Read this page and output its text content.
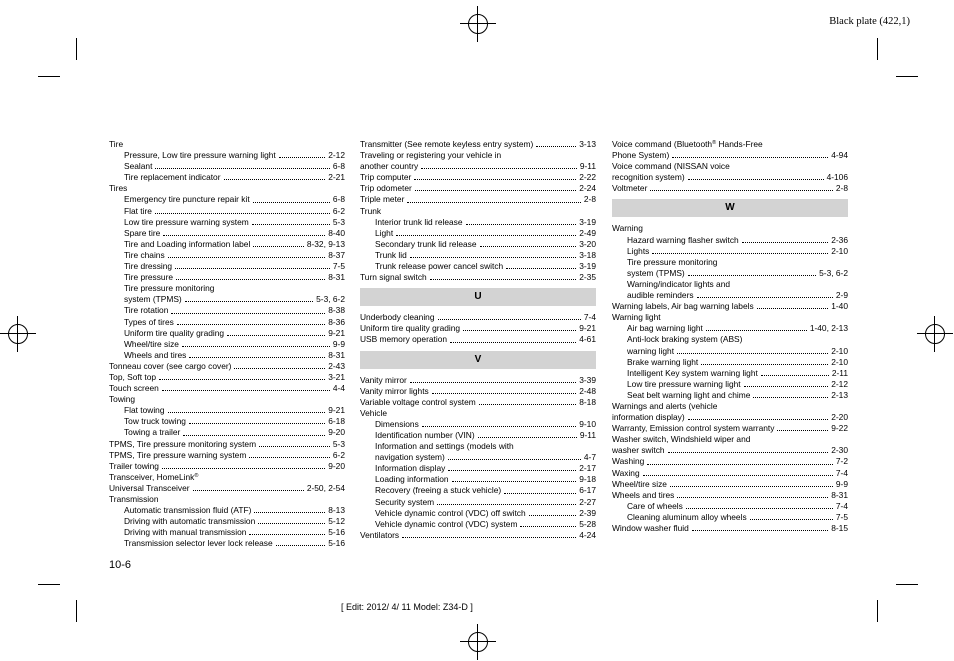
Black plate (422,1)
Tire
Pressure, Low tire pressure warning light	2-12
Sealant	6-8
Tire replacement indicator	2-21
Tires
Emergency tire puncture repair kit	6-8
Flat tire	6-2
Low tire pressure warning system	5-3
Spare tire	8-40
Tire and Loading information label	8-32, 9-13
Tire chains	8-37
Tire dressing	7-5
Tire pressure	8-31
Tire pressure monitoring
system (TPMS)	5-3, 6-2
Tire rotation	8-38
Types of tires	8-36
Uniform tire quality grading	9-21
Wheel/tire size	9-9
Wheels and tires	8-31
Tonneau cover (see cargo cover)	2-43
Top, Soft top	3-21
Touch screen	4-4
Towing
Flat towing	9-21
Tow truck towing	6-18
Towing a trailer	9-20
TPMS, Tire pressure monitoring system	5-3
TPMS, Tire pressure warning system	6-2
Trailer towing	9-20
Transceiver, HomeLink®
Universal Transceiver	2-50, 2-54
Transmission
Automatic transmission fluid (ATF)	8-13
Driving with automatic transmission	5-12
Driving with manual transmission	5-16
Transmission selector lever lock release	5-16
Transmitter (See remote keyless entry system)	3-13
Traveling or registering your vehicle in
another country	9-11
Trip computer	2-22
Trip odometer	2-24
Triple meter	2-8
Trunk
Interior trunk lid release	3-19
Light	2-49
Secondary trunk lid release	3-20
Trunk lid	3-18
Trunk release power cancel switch	3-19
Turn signal switch	2-35
U
Underbody cleaning	7-4
Uniform tire quality grading	9-21
USB memory operation	4-61
V
Vanity mirror	3-39
Vanity mirror lights	2-48
Variable voltage control system	8-18
Vehicle
Dimensions	9-10
Identification number (VIN)	9-11
Information and settings (models with
navigation system)	4-7
Information display	2-17
Loading information	9-18
Recovery (freeing a stuck vehicle)	6-17
Security system	2-27
Vehicle dynamic control (VDC) off switch	2-39
Vehicle dynamic control (VDC) system	5-28
Ventilators	4-24
Voice command (Bluetooth® Hands-Free
Phone System)	4-94
Voice command (NISSAN voice
recognition system)	4-106
Voltmeter	2-8
W
Warning
Hazard warning flasher switch	2-36
Lights	2-10
Tire pressure monitoring
system (TPMS)	5-3, 6-2
Warning/indicator lights and
audible reminders	2-9
Warning labels, Air bag warning labels	1-40
Warning light
Air bag warning light	1-40, 2-13
Anti-lock braking system (ABS)
warning light	2-10
Brake warning light	2-10
Intelligent Key system warning light	2-11
Low tire pressure warning light	2-12
Seat belt warning light and chime	2-13
Warnings and alerts (vehicle
information display)	2-20
Warranty, Emission control system warranty	9-22
Washer switch, Windshield wiper and
washer switch	2-30
Washing	7-2
Waxing	7-4
Wheel/tire size	9-9
Wheels and tires	8-31
Care of wheels	7-4
Cleaning aluminum alloy wheels	7-5
Window washer fluid	8-15
10-6
[ Edit: 2012/ 4/ 11 Model: Z34-D ]
